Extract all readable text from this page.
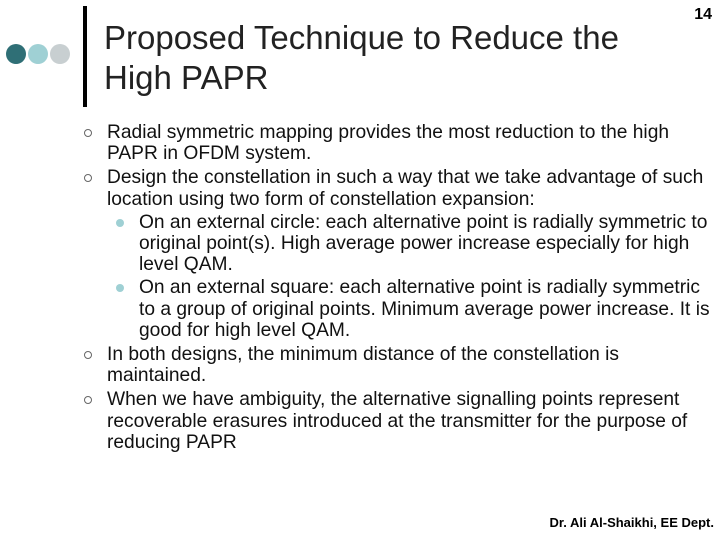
Proposed Technique to Reduce the High PAPR
14
Radial symmetric mapping provides the most reduction to the high PAPR in OFDM system.
Design the constellation in such a way that we take advantage of such location using two form of constellation expansion:
On an external circle: each alternative point is radially symmetric to original point(s). High average power increase especially for high level QAM.
On an external square: each alternative point is radially symmetric to a group of original points. Minimum average power increase. It is good for high level QAM.
In both designs, the minimum distance of the constellation is maintained.
When we have ambiguity, the alternative signalling points represent recoverable erasures introduced at the transmitter for the purpose of reducing PAPR
Dr. Ali Al-Shaikhi, EE Dept.
